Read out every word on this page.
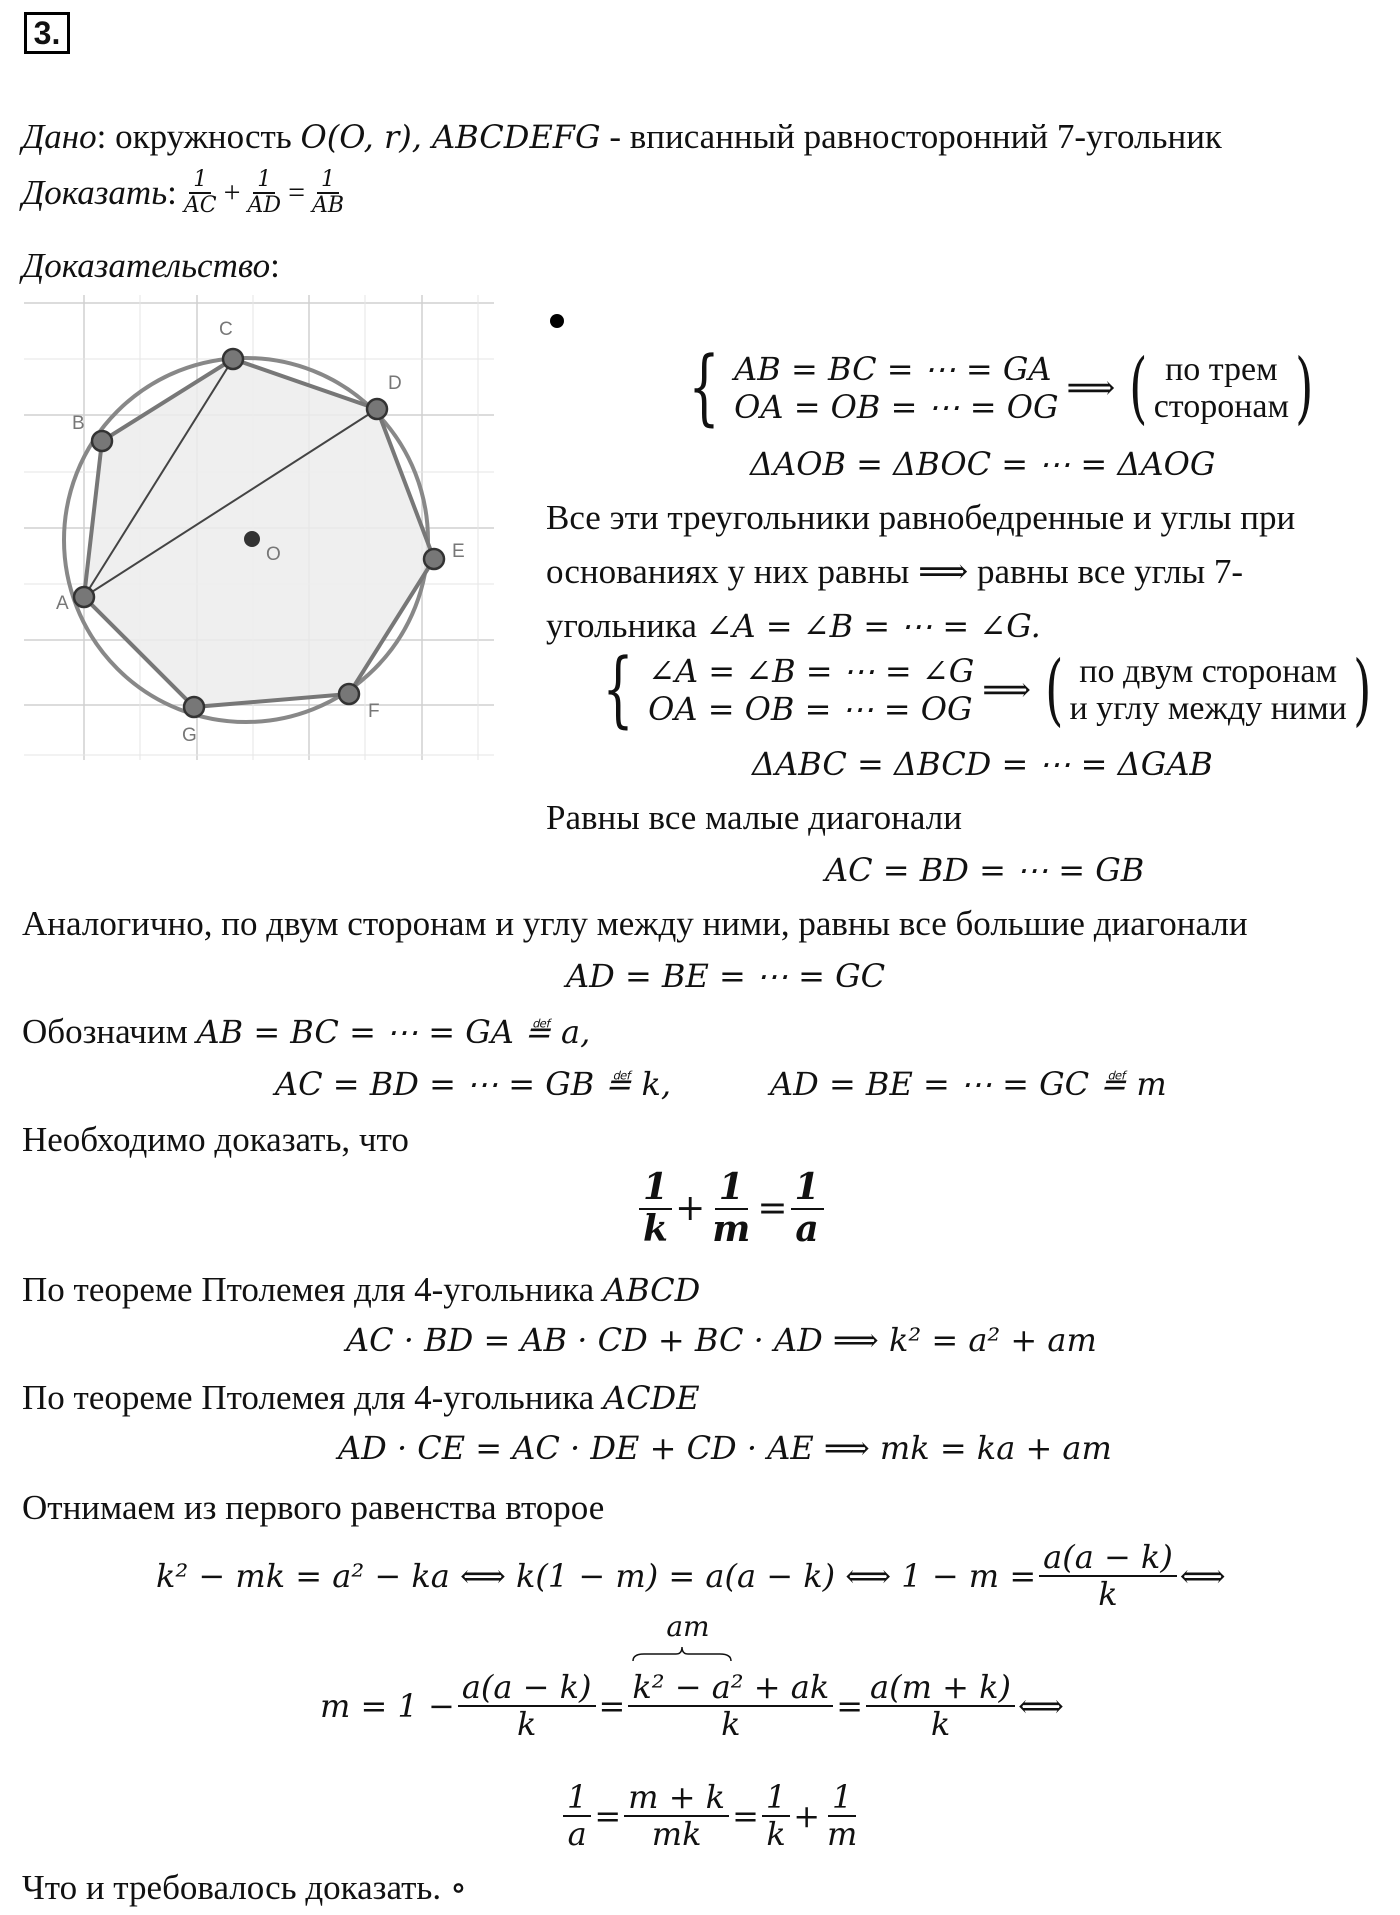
3.
Дано: окружность O(O, r), ABCDEFG - вписанный равносторонний 7-угольник
Доказать : $\frac{1}{AC} + \frac{1}{AD} = \frac{1}{AB}$
Доказательство:
A
B
C
D
E
F
G
O
{ AB = BC = ⋯ = GA
OA = OB = ⋯ = OG ⟹ ( по трем
сторонам )
ΔAOB = ΔBOC = ⋯ = ΔAOG
Все эти треугольники равнобедренные и углы при
основаниях у них равны ⟹ равны все углы 7-
угольника ∠A = ∠B = ⋯ = ∠G.
{ ∠A = ∠B = ⋯ = ∠G
OA = OB = ⋯ = OG ⟹ ( по двум сторонам
и углу между ними )
ΔABC = ΔBCD = ⋯ = ΔGAB
Равны все малые диагонали
AC = BD = ⋯ = GB
Аналогично, по двум сторонам и углу между ними, равны все большие диагонали
AD = BE = ⋯ = GC
Обозначим AB = BC = ⋯ = GA ≝ a,
AC = BD = ⋯ = GB ≝ k,	AD = BE = ⋯ = GC ≝ m
Необходимо доказать, что
$\frac{1}{k} + \frac{1}{m} = \frac{1}{a}$
По теореме Птолемея для 4-угольника ABCD
AC · BD = AB · CD + BC · AD ⟹ k² = a² + am
По теореме Птолемея для 4-угольника ACDE
AD · CE = AC · DE + CD · AE ⟹ mk = ka + am
Отнимаем из первого равенства второе
k² − mk = a² − ka ⟺ k(1 − m) = a(a − k) ⟺ $1 - m = \frac{a(a - k)}{k}$ ⟺
$m = 1 - \frac{a(a - k)}{k}$ = am
k² − a² + ak
$k = \frac{a(m + k)}{k}$ ⟺
$\frac{1}{a} = \frac{m + k}{mk} = \frac{1}{k} + \frac{1}{m}$
Что и требовалось доказать. ∘
